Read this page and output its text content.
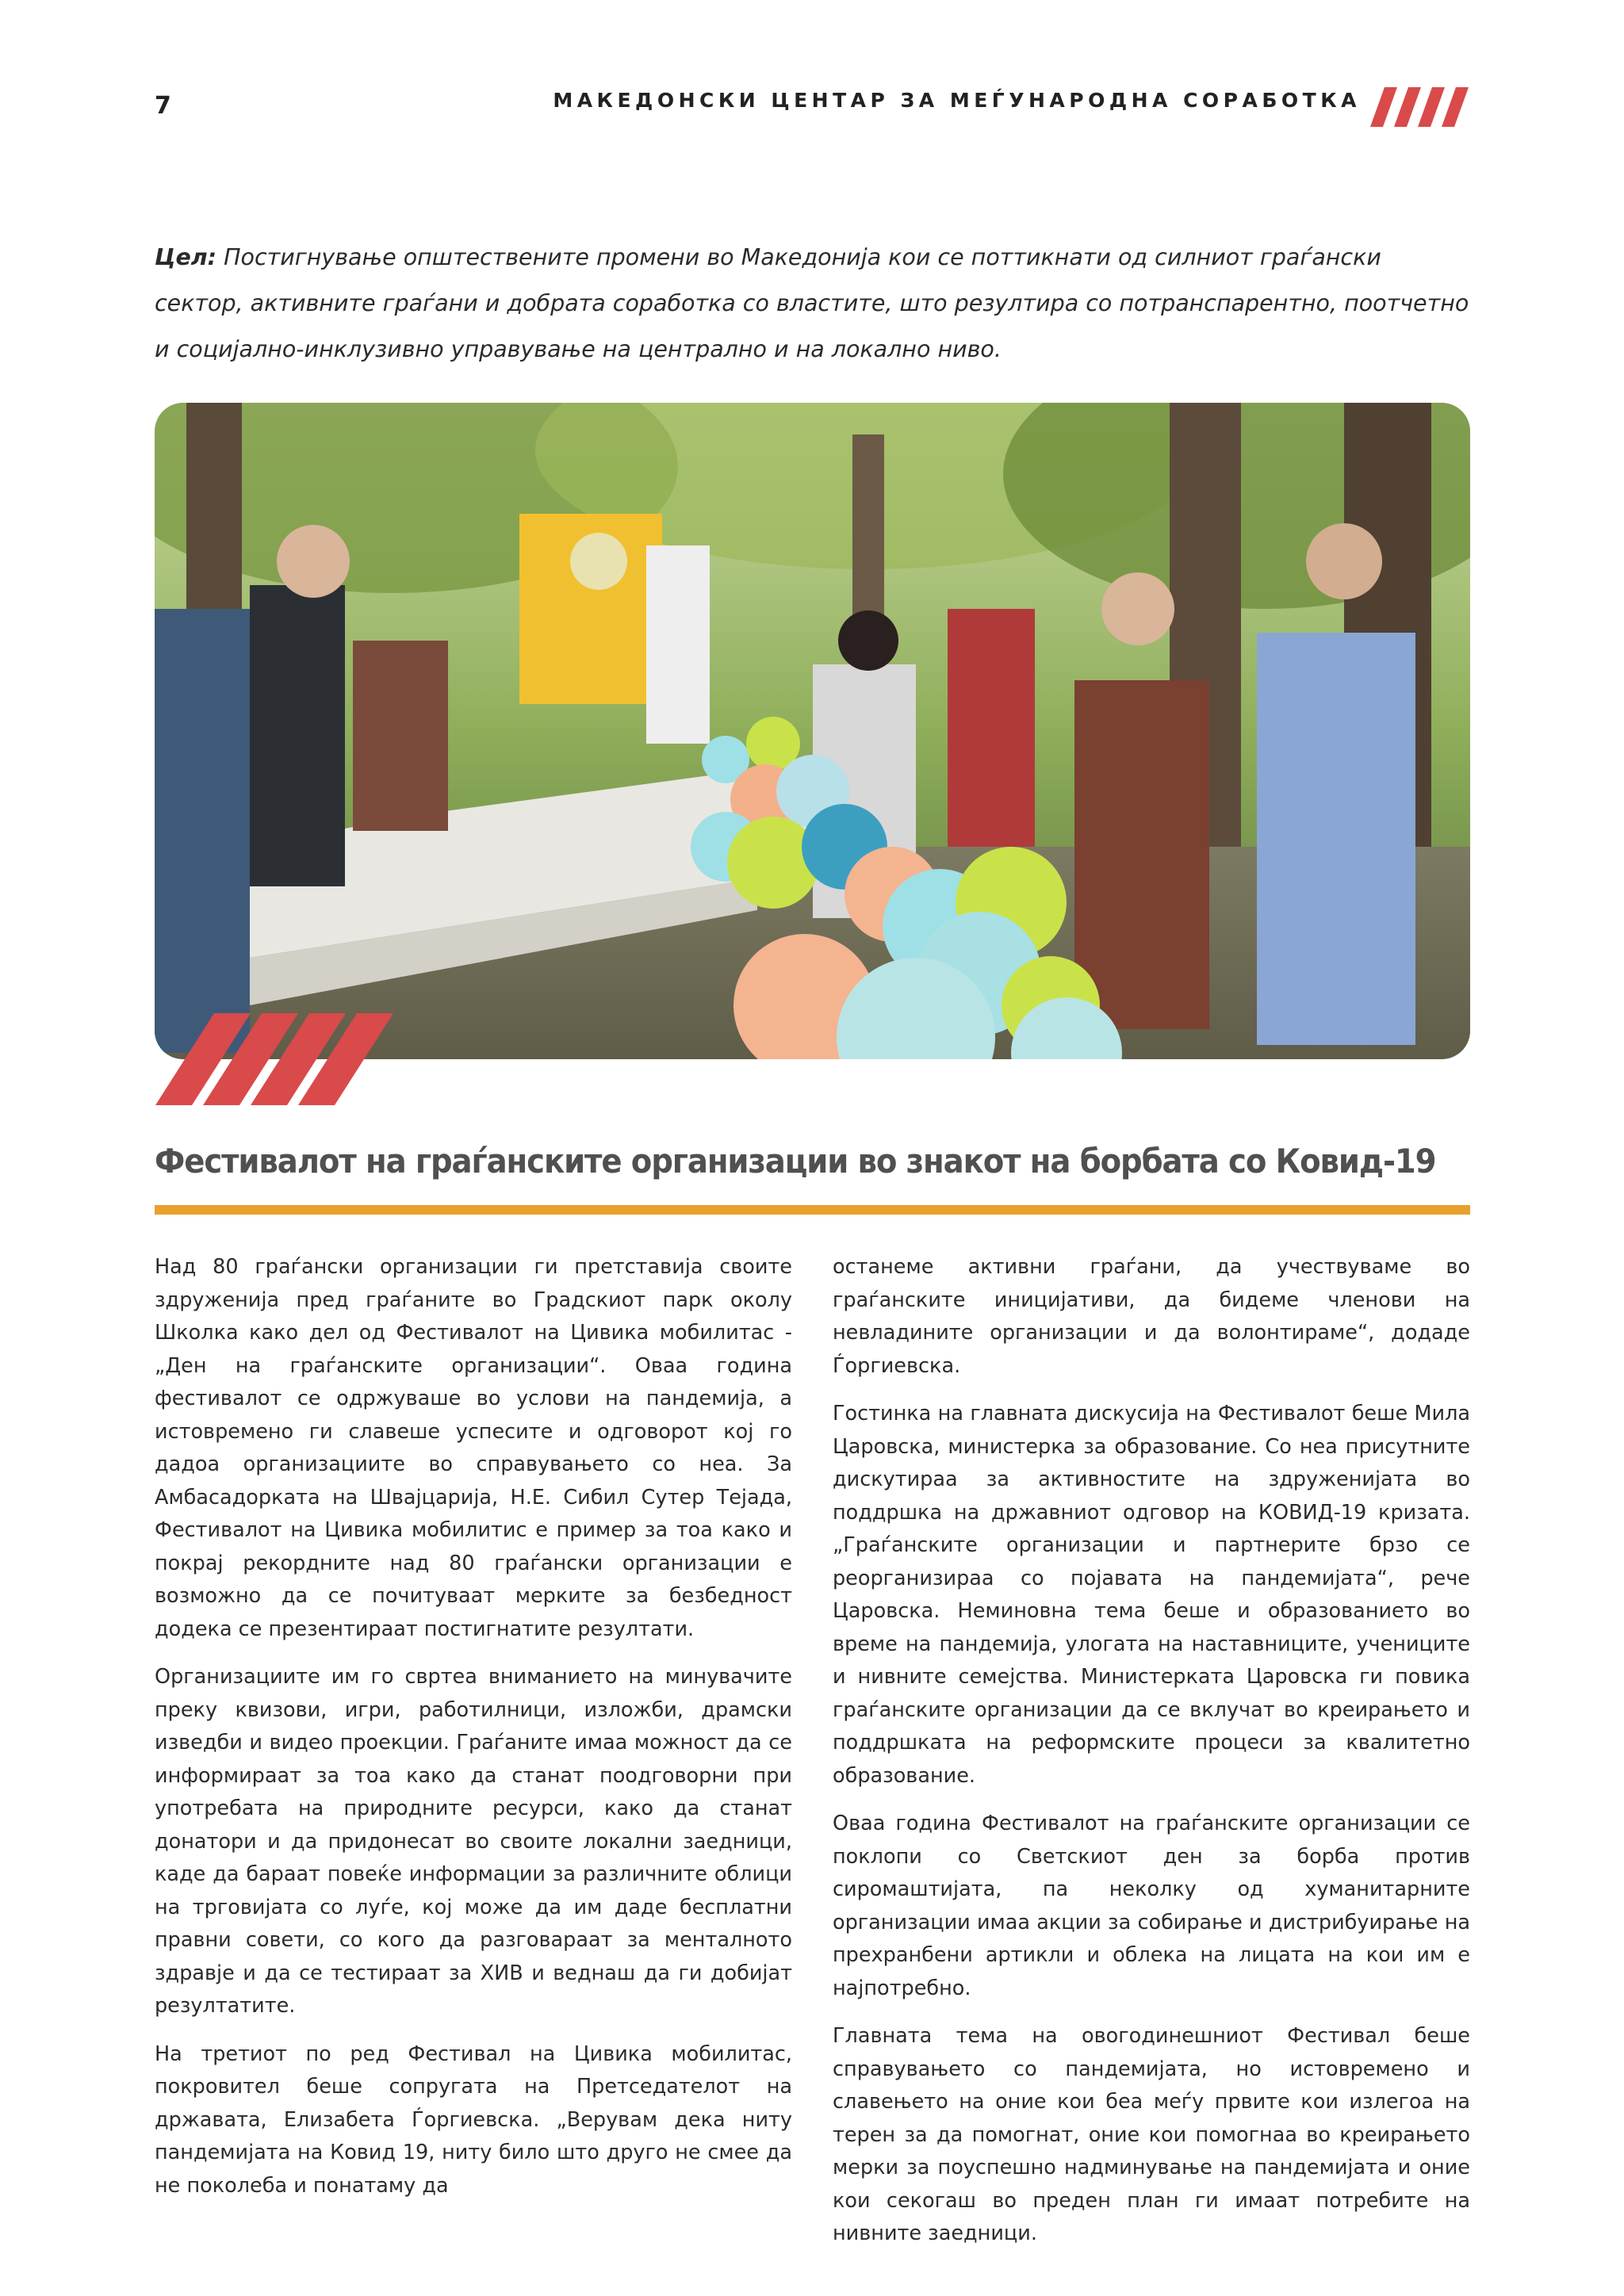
7	МАКЕДОНСКИ ЦЕНТАР ЗА МЕЃУНАРОДНА СОРАБОТКА
Цел: Постигнување општествените промени во Македонија кои се поттикнати од силниот граѓански сектор, активните граѓани и добрата соработка со властите, што резултира со потранспарентно, поотчетно и социјално-инклузивно управување на централно и на локално ниво.
Фестивалот на граѓанските организации во знакот на борбата со Ковид-19

Над 80 граѓански организации ги претставија своите здружениja пред граѓаните во Градскиот парк околу Школка како дел од Фестивалот на Цивика мобилитас - „Ден на граѓанските организации“. Оваа година фестивалот се одржуваше во услови на пандемија, а истовремено ги славеше успесите и одговорот кој го дадоа организациите во справувањето со неа. За Амбасадорката на Швајцарија, Н.Е. Сибил Сутер Тејада, Фестивалот на Цивика мобилитис е пример за тоа како и покрај рекордните над 80 граѓански организации е возможно да се почитуваат мерките за безбедност додека се презентираат постигнатите резултати.

Организациите им го свртеа вниманието на минувачите преку квизови, игри, работилници, изложби, драмски изведби и видео проекции. Граѓаните имаа можност да се информираат за тоа како да станат поодговорни при употребата на природните ресурси, како да станат донатори и да придонесат во своите локални заедници, каде да бараат повеќе информации за различните облици на трговијата со луѓе, кој може да им даде бесплатни правни совети, со кого да разговараат за менталното здравје и да се тестираат за ХИВ и веднаш да ги добијат резултатите.

На третиот по ред Фестивал на Цивика мобилитас, покровител беше сопругата на Претседателот на државата, Елизабета Ѓоргиевска. „Верувам дека ниту пандемијата на Ковид 19, ниту било што друго не смее да не поколеба и понатаму да

останеме активни граѓани, да учествуваме во граѓанските иницијативи, да бидеме членови на невладините организации и да волонтираме“, додаде Ѓоргиевска.

Гостинка на главната дискусија на Фестивалот беше Мила Царовска, министерка за образование. Со неа присутните дискутираа за активностите на здруженијата во поддршка на државниот одговор на КОВИД-19 кризата. „Граѓанските организации и партнерите брзо се реорганизираа со појавата на пандемијата“, рече Царовска. Неминовна тема беше и образованието во време на пандемија, улогата на наставниците, учениците и нивните семејства. Министерката Царовска ги повика граѓанските организации да се вклучат во креирањето и поддршката на реформските процеси за квалитетно образование.

Оваа година Фестивалот на граѓанските организации се поклопи со Светскиот ден за борба против сиромаштијата, па неколку од хуманитарните организации имаа акции за собирање и дистрибуирање на прехранбени артикли и облека на лицата на кои им е најпотребно.

Главната тема на овогодинешниот Фестивал беше справувањето со пандемијата, но истовремено и славењето на оние кои беа меѓу првите кои излегоа на терен за да помогнат, оние кои помогнаа во креирањето мерки за поуспешно надминување на пандемијата и оние кои секогаш во преден план ги имаат потребите на нивните заедници.
